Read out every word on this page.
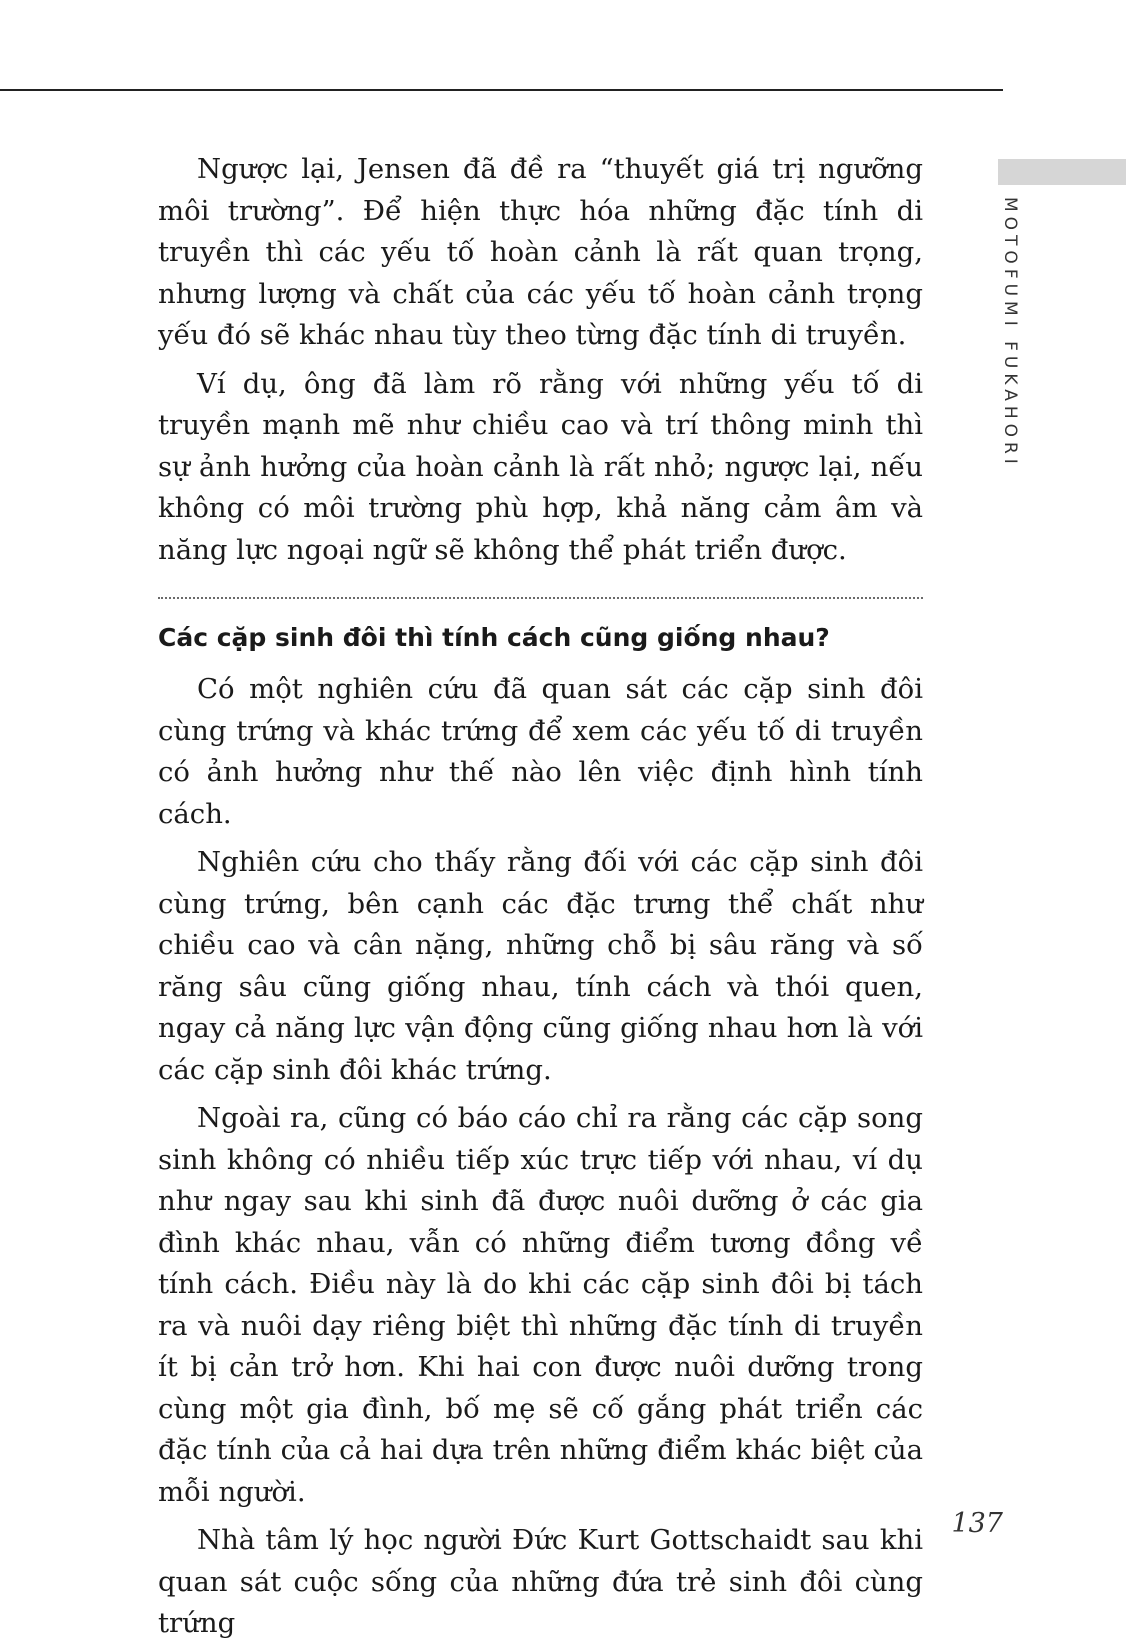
MOTOFUMI FUKAHORI

Ngược lại, Jensen đã đề ra “thuyết giá trị ngưỡng môi trường”. Để hiện thực hóa những đặc tính di truyền thì các yếu tố hoàn cảnh là rất quan trọng, nhưng lượng và chất của các yếu tố hoàn cảnh trọng yếu đó sẽ khác nhau tùy theo từng đặc tính di truyền.

Ví dụ, ông đã làm rõ rằng với những yếu tố di truyền mạnh mẽ như chiều cao và trí thông minh thì sự ảnh hưởng của hoàn cảnh là rất nhỏ; ngược lại, nếu không có môi trường phù hợp, khả năng cảm âm và năng lực ngoại ngữ sẽ không thể phát triển được.

Các cặp sinh đôi thì tính cách cũng giống nhau?

Có một nghiên cứu đã quan sát các cặp sinh đôi cùng trứng và khác trứng để xem các yếu tố di truyền có ảnh hưởng như thế nào lên việc định hình tính cách.

Nghiên cứu cho thấy rằng đối với các cặp sinh đôi cùng trứng, bên cạnh các đặc trưng thể chất như chiều cao và cân nặng, những chỗ bị sâu răng và số răng sâu cũng giống nhau, tính cách và thói quen, ngay cả năng lực vận động cũng giống nhau hơn là với các cặp sinh đôi khác trứng.

Ngoài ra, cũng có báo cáo chỉ ra rằng các cặp song sinh không có nhiều tiếp xúc trực tiếp với nhau, ví dụ như ngay sau khi sinh đã được nuôi dưỡng ở các gia đình khác nhau, vẫn có những điểm tương đồng về tính cách. Điều này là do khi các cặp sinh đôi bị tách ra và nuôi dạy riêng biệt thì những đặc tính di truyền ít bị cản trở hơn. Khi hai con được nuôi dưỡng trong cùng một gia đình, bố mẹ sẽ cố gắng phát triển các đặc tính của cả hai dựa trên những điểm khác biệt của mỗi người.

Nhà tâm lý học người Đức Kurt Gottschaidt sau khi quan sát cuộc sống của những đứa trẻ sinh đôi cùng trứng

137
